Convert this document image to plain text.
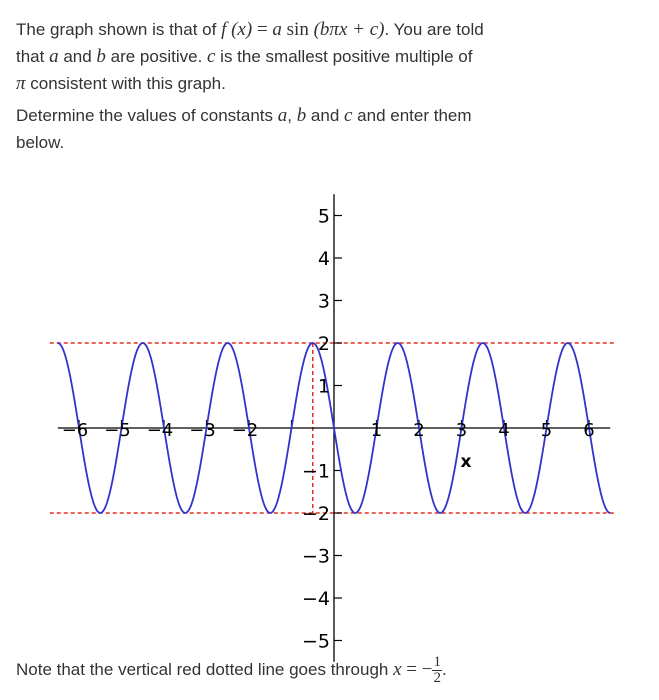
The graph shown is that of f (x) = a sin (bπx + c). You are told
that a and b are positive. c is the smallest positive multiple of
π consistent with this graph.

Determine the values of constants a, b and c and enter them
below.

−6 −5 −4 −3 −2	1 2 3 4 5 6
5
4
3
2
1
−1
−2
−3
−4
−5
x

Note that the vertical red dotted line goes through x = − $\frac{1}{2}$ .
